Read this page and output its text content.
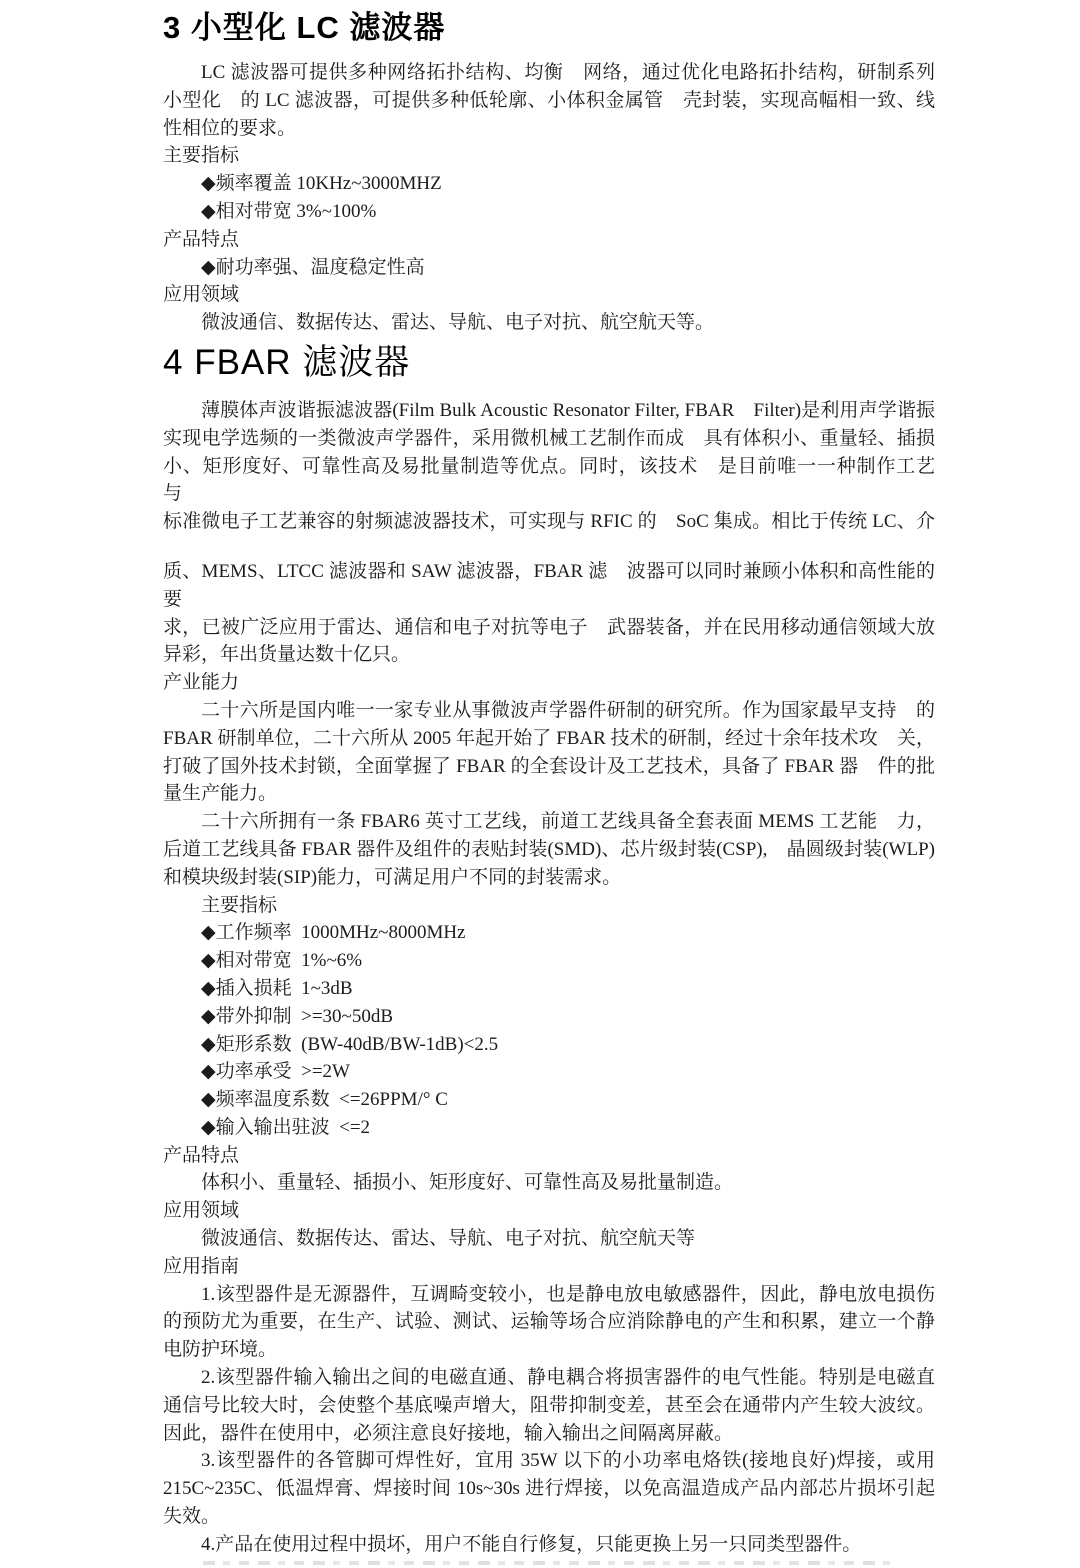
3 小型化 LC 滤波器
LC 滤波器可提供多种网络拓扑结构、均衡　网络，通过优化电路拓扑结构，研制系列
小型化　的 LC 滤波器，可提供多种低轮廓、小体积金属管　壳封装，实现高幅相一致、线
性相位的要求。
主要指标
◆频率覆盖 10KHz~3000MHZ
◆相对带宽 3%~100%
产品特点
◆耐功率强、温度稳定性高
应用领域
微波通信、数据传达、雷达、导航、电子对抗、航空航天等。
4 FBAR 滤波器
薄膜体声波谐振滤波器(Film Bulk Acoustic Resonator Filter, FBAR　Filter)是利用声学谐振
实现电学选频的一类微波声学器件，采用微机械工艺制作而成　具有体积小、重量轻、插损
小、矩形度好、可靠性高及易批量制造等优点。同时，该技术　是目前唯一一种制作工艺　与
标准微电子工艺兼容的射频滤波器技术，可实现与 RFIC 的　SoC 集成。相比于传统 LC、介
质、MEMS、LTCC 滤波器和 SAW 滤波器，FBAR 滤　波器可以同时兼顾小体积和高性能的要
求，已被广泛应用于雷达、通信和电子对抗等电子　武器装备，并在民用移动通信领域大放
异彩，年出货量达数十亿只。
产业能力
二十六所是国内唯一一家专业从事微波声学器件研制的研究所。作为国家最早支持　的
FBAR 研制单位，二十六所从 2005 年起开始了 FBAR 技术的研制，经过十余年技术攻　关，
打破了国外技术封锁，全面掌握了 FBAR 的全套设计及工艺技术，具备了 FBAR 器　件的批
量生产能力。
二十六所拥有一条 FBAR6 英寸工艺线，前道工艺线具备全套表面 MEMS 工艺能　力，
后道工艺线具备 FBAR 器件及组件的表贴封装(SMD)、芯片级封装(CSP),　晶圆级封装(WLP)
和模块级封装(SIP)能力，可满足用户不同的封装需求。
主要指标
◆工作频率  1000MHz~8000MHz
◆相对带宽  1%~6%
◆插入损耗  1~3dB
◆带外抑制  >=30~50dB
◆矩形系数  (BW-40dB/BW-1dB)<2.5
◆功率承受  >=2W
◆频率温度系数  <=26PPM/° C
◆输入输出驻波  <=2
产品特点
体积小、重量轻、插损小、矩形度好、可靠性高及易批量制造。
应用领域
微波通信、数据传达、雷达、导航、电子对抗、航空航天等
应用指南
1.该型器件是无源器件，互调畸变较小，也是静电放电敏感器件，因此，静电放电损伤
的预防尤为重要，在生产、试验、测试、运输等场合应消除静电的产生和积累，建立一个静
电防护环境。
2.该型器件输入输出之间的电磁直通、静电耦合将损害器件的电气性能。特别是电磁直
通信号比较大时，会使整个基底噪声增大，阻带抑制变差，甚至会在通带内产生较大波纹。
因此，器件在使用中，必须注意良好接地，输入输出之间隔离屏蔽。
3.该型器件的各管脚可焊性好，宜用 35W 以下的小功率电烙铁(接地良好)焊接，或用
215C~235C、低温焊膏、焊接时间 10s~30s 进行焊接，以免高温造成产品内部芯片损坏引起
失效。
4.产品在使用过程中损坏，用户不能自行修复，只能更换上另一只同类型器件。
